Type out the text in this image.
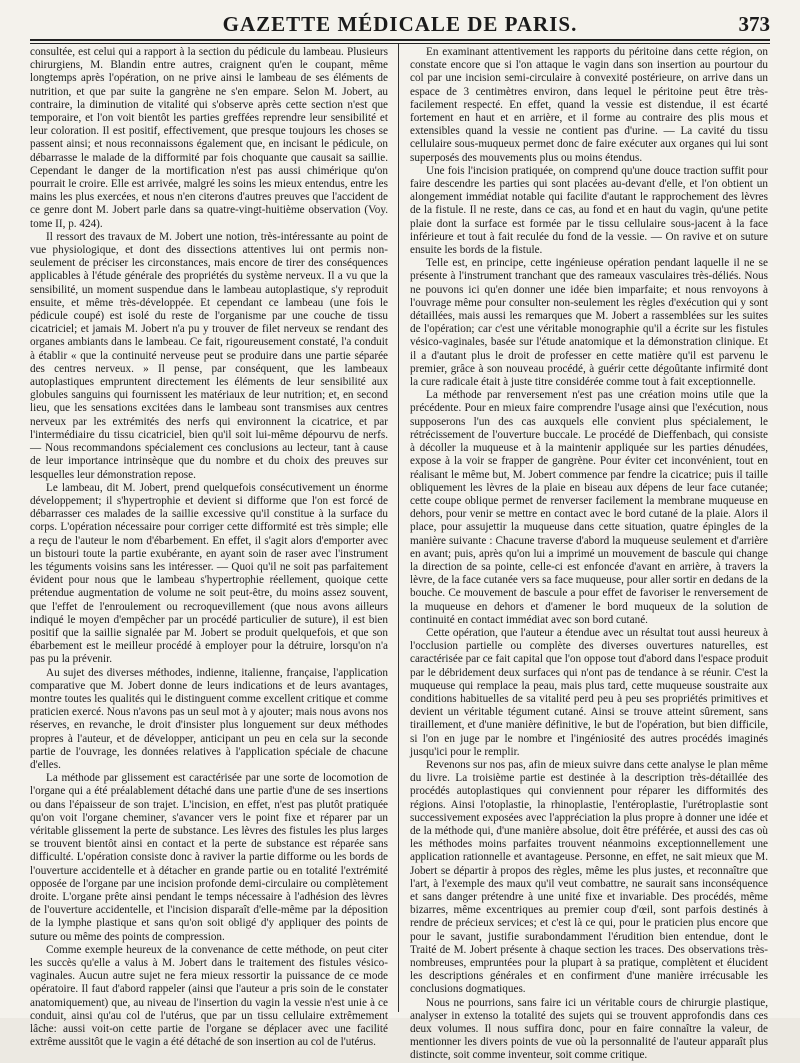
GAZETTE MÉDICALE DE PARIS.	373

consultée, est celui qui a rapport à la section du pédicule du lambeau. Plusieurs chirurgiens, M. Blandin entre autres, craignent qu'en le coupant, même longtemps après l'opération, on ne prive ainsi le lambeau de ses éléments de nutrition, et que par suite la gangrène ne s'en empare. Selon M. Jobert, au contraire, la diminution de vitalité qui s'observe après cette section n'est que temporaire, et l'on voit bientôt les parties greffées reprendre leur sensibilité et leur coloration. Il est positif, effectivement, que presque toujours les choses se passent ainsi; et nous reconnaissons également que, en incisant le pédicule, on débarrasse le malade de la difformité par fois choquante que causait sa saillie. Cependant le danger de la mortification n'est pas aussi chimérique qu'on pourrait le croire. Elle est arrivée, malgré les soins les mieux entendus, entre les mains les plus exercées, et nous n'en citerons d'autres preuves que l'accident de ce genre dont M. Jobert parle dans sa quatre-vingt-huitième observation (Voy. tome II, p. 424).

Il ressort des travaux de M. Jobert une notion, très-intéressante au point de vue physiologique, et dont des dissections attentives lui ont permis non-seulement de préciser les circonstances, mais encore de tirer des conséquences applicables à l'étude générale des propriétés du système nerveux. Il a vu que la sensibilité, un moment suspendue dans le lambeau autoplastique, s'y reproduit ensuite, et même très-développée. Et cependant ce lambeau (une fois le pédicule coupé) est isolé du reste de l'organisme par une couche de tissu cicatriciel; et jamais M. Jobert n'a pu y trouver de filet nerveux se rendant des organes ambiants dans le lambeau. Ce fait, rigoureusement constaté, l'a conduit à établir « que la continuité nerveuse peut se produire dans une partie séparée des centres nerveux. » Il pense, par conséquent, que les lambeaux autoplastiques empruntent directement les éléments de leur sensibilité aux globules sanguins qui fournissent les matériaux de leur nutrition; et, en second lieu, que les sensations excitées dans le lambeau sont transmises aux centres nerveux par les extrémités des nerfs qui environnent la cicatrice, et par l'intermédiaire du tissu cicatriciel, bien qu'il soit lui-même dépourvu de nerfs. — Nous recommandons spécialement ces conclusions au lecteur, tant à cause de leur importance intrinsèque que du nombre et du choix des preuves sur lesquelles leur démonstration repose.

Le lambeau, dit M. Jobert, prend quelquefois consécutivement un énorme développement; il s'hypertrophie et devient si difforme que l'on est forcé de débarrasser ces malades de la saillie excessive qu'il constitue à la surface du corps. L'opération nécessaire pour corriger cette difformité est très simple; elle a reçu de l'auteur le nom d'ébarbement. En effet, il s'agit alors d'emporter avec un bistouri toute la partie exubérante, en ayant soin de raser avec l'instrument les téguments voisins sans les intéresser. — Quoi qu'il ne soit pas parfaitement évident pour nous que le lambeau s'hypertrophie réellement, quoique cette prétendue augmentation de volume ne soit peut-être, du moins assez souvent, que l'effet de l'enroulement ou recroquevillement (que nous avons ailleurs indiqué le moyen d'empêcher par un procédé particulier de suture), il est bien positif que la saillie signalée par M. Jobert se produit quelquefois, et que son ébarbement est le meilleur procédé à employer pour la détruire, lorsqu'on n'a pas pu la prévenir.

Au sujet des diverses méthodes, indienne, italienne, française, l'application comparative que M. Jobert donne de leurs indications et de leurs avantages, montre toutes les qualités qui le distinguent comme excellent critique et comme praticien exercé. Nous n'avons pas un seul mot à y ajouter; mais nous avons nos réserves, en revanche, le droit d'insister plus longuement sur deux méthodes propres à l'auteur, et de développer, anticipant un peu en cela sur la seconde partie de l'ouvrage, les données relatives à l'application spéciale de chacune d'elles.

La méthode par glissement est caractérisée par une sorte de locomotion de l'organe qui a été préalablement détaché dans une partie d'une de ses insertions ou dans l'épaisseur de son trajet. L'incision, en effet, n'est pas plutôt pratiquée qu'on voit l'organe cheminer, s'avancer vers le point fixe et réparer par un véritable glissement la perte de substance. Les lèvres des fistules les plus larges se trouvent bientôt ainsi en contact et la perte de substance est réparée sans difficulté. L'opération consiste donc à raviver la partie difforme ou les bords de l'ouverture accidentelle et à détacher en grande partie ou en totalité l'extrémité opposée de l'organe par une incision profonde demi-circulaire ou complètement droite. L'organe prête ainsi pendant le temps nécessaire à l'adhésion des lèvres de l'ouverture accidentelle, et l'incision disparaît d'elle-même par la déposition de la lymphe plastique et sans qu'on soit obligé d'y appliquer des points de suture ou même des points de compression.

Comme exemple heureux de la convenance de cette méthode, on peut citer les succès qu'elle a valus à M. Jobert dans le traitement des fistules vésico-vaginales. Aucun autre sujet ne fera mieux ressortir la puissance de ce mode opératoire. Il faut d'abord rappeler (ainsi que l'auteur a pris soin de le constater anatomiquement) que, au niveau de l'insertion du vagin la vessie n'est unie à ce conduit, ainsi qu'au col de l'utérus, que par un tissu cellulaire extrêmement lâche: aussi voit-on cette partie de l'organe se déplacer avec une facilité extrême aussitôt que le vagin a été détaché de son insertion au col de l'utérus.

En examinant attentivement les rapports du péritoine dans cette région, on constate encore que si l'on attaque le vagin dans son insertion au pourtour du col par une incision semi-circulaire à convexité postérieure, on arrive dans un espace de 3 centimètres environ, dans lequel le péritoine peut être très-facilement respecté. En effet, quand la vessie est distendue, il est écarté fortement en haut et en arrière, et il forme au contraire des plis mous et extensibles quand la vessie ne contient pas d'urine. — La cavité du tissu cellulaire sous-muqueux permet donc de faire exécuter aux organes qui lui sont superposés des mouvements plus ou moins étendus.

Une fois l'incision pratiquée, on comprend qu'une douce traction suffit pour faire descendre les parties qui sont placées au-devant d'elle, et l'on obtient un alongement immédiat notable qui facilite d'autant le rapprochement des lèvres de la fistule. Il ne reste, dans ce cas, au fond et en haut du vagin, qu'une petite plaie dont la surface est formée par le tissu cellulaire sous-jacent à la face inférieure et tout à fait reculée du fond de la vessie. — On ravive et on suture ensuite les bords de la fistule.

Telle est, en principe, cette ingénieuse opération pendant laquelle il ne se présente à l'instrument tranchant que des rameaux vasculaires très-déliés. Nous ne pouvons ici qu'en donner une idée bien imparfaite; et nous renvoyons à l'ouvrage même pour consulter non-seulement les règles d'exécution qui y sont détaillées, mais aussi les remarques que M. Jobert a rassemblées sur les suites de l'opération; car c'est une véritable monographie qu'il a écrite sur les fistules vésico-vaginales, basée sur l'étude anatomique et la démonstration clinique. Et il a d'autant plus le droit de professer en cette matière qu'il est parvenu le premier, grâce à son nouveau procédé, à guérir cette dégoûtante infirmité dont la cure radicale était à juste titre considérée comme tout à fait exceptionnelle.

La méthode par renversement n'est pas une création moins utile que la précédente. Pour en mieux faire comprendre l'usage ainsi que l'exécution, nous supposerons l'un des cas auxquels elle convient plus spécialement, le rétrécissement de l'ouverture buccale. Le procédé de Dieffenbach, qui consiste à décoller la muqueuse et à la maintenir appliquée sur les parties dénudées, expose à la voir se frapper de gangrène. Pour éviter cet inconvénient, tout en réalisant le même but, M. Jobert commence par fendre la cicatrice; puis il taille obliquement les lèvres de la plaie en biseau aux dépens de leur face cutanée; cette coupe oblique permet de renverser facilement la membrane muqueuse en dehors, pour venir se mettre en contact avec le bord cutané de la plaie. Alors il place, pour assujettir la muqueuse dans cette situation, quatre épingles de la manière suivante : Chacune traverse d'abord la muqueuse seulement et d'arrière en avant; puis, après qu'on lui a imprimé un mouvement de bascule qui change la direction de sa pointe, celle-ci est enfoncée d'avant en arrière, à travers la lèvre, de la face cutanée vers sa face muqueuse, pour aller sortir en dedans de la bouche. Ce mouvement de bascule a pour effet de favoriser le renversement de la muqueuse en dehors et d'amener le bord muqueux de la solution de continuité en contact immédiat avec son bord cutané.

Cette opération, que l'auteur a étendue avec un résultat tout aussi heureux à l'occlusion partielle ou complète des diverses ouvertures naturelles, est caractérisée par ce fait capital que l'on oppose tout d'abord dans l'espace produit par le débridement deux surfaces qui n'ont pas de tendance à se réunir. C'est la muqueuse qui remplace la peau, mais plus tard, cette muqueuse soustraite aux conditions habituelles de sa vitalité perd peu à peu ses propriétés primitives et devient un véritable tégument cutané. Ainsi se trouve atteint sûrement, sans tiraillement, et d'une manière définitive, le but de l'opération, but bien difficile, si l'on en juge par le nombre et l'ingéniosité des autres procédés imaginés jusqu'ici pour le remplir.

Revenons sur nos pas, afin de mieux suivre dans cette analyse le plan même du livre. La troisième partie est destinée à la description très-détaillée des procédés autoplastiques qui conviennent pour réparer les difformités des régions. Ainsi l'otoplastie, la rhinoplastie, l'entéroplastie, l'urétroplastie sont successivement exposées avec l'appréciation la plus propre à donner une idée et de la méthode qui, d'une manière absolue, doit être préférée, et aussi des cas où les méthodes moins parfaites trouvent néanmoins exceptionnellement une application rationnelle et avantageuse. Personne, en effet, ne sait mieux que M. Jobert se départir à propos des règles, même les plus justes, et reconnaître que l'art, à l'exemple des maux qu'il veut combattre, ne saurait sans inconséquence et sans danger prétendre à une unité fixe et invariable. Des procédés, même bizarres, même excentriques au premier coup d'œil, sont parfois destinés à rendre de précieux services; et c'est là ce qui, pour le praticien plus encore que pour le savant, justifie surabondamment l'érudition bien entendue, dont le Traité de M. Jobert présente à chaque section les traces. Des observations très-nombreuses, empruntées pour la plupart à sa pratique, complètent et élucident les descriptions générales et en confirment d'une manière irrécusable les conclusions dogmatiques.

Nous ne pourrions, sans faire ici un véritable cours de chirurgie plastique, analyser in extenso la totalité des sujets qui se trouvent approfondis dans ces deux volumes. Il nous suffira donc, pour en faire connaître la valeur, de mentionner les divers points de vue où la personnalité de l'auteur apparaît plus distincte, soit comme inventeur, soit comme critique.
